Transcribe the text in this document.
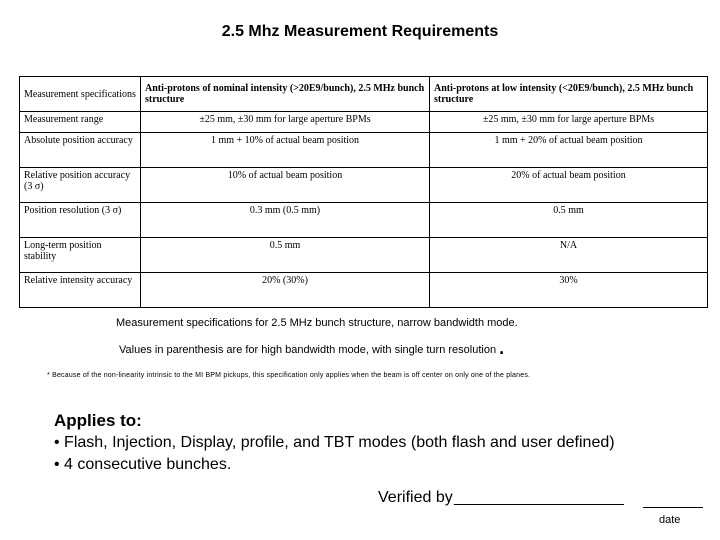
2.5 Mhz Measurement Requirements
Measurement specifications	Anti-protons of nominal intensity (>20E9/bunch), 2.5 MHz bunch structure	Anti-protons at low intensity (<20E9/bunch), 2.5 MHz bunch structure
Measurement range	±25 mm, ±30 mm for large aperture BPMs	±25 mm, ±30 mm for large aperture BPMs
Absolute position accuracy	1 mm + 10% of actual beam position	1 mm + 20% of actual beam position
Relative position accuracy (3 σ)	10% of actual beam position	20% of actual beam position
Position resolution (3 σ)	0.3 mm (0.5 mm)	0.5 mm
Long-term position stability	0.5 mm	N/A
Relative intensity accuracy	20% (30%)	30%
Measurement specifications for 2.5 MHz bunch structure, narrow bandwidth mode.
Values in parenthesis are for high bandwidth mode, with single turn resolution .
* Because of the non-linearity intrinsic to the MI BPM pickups, this specification only applies when the beam is off center on only one of the planes.
Applies to:
• Flash, Injection, Display, profile, and TBT modes (both flash and user defined)
• 4 consecutive bunches.
Verified by
date
